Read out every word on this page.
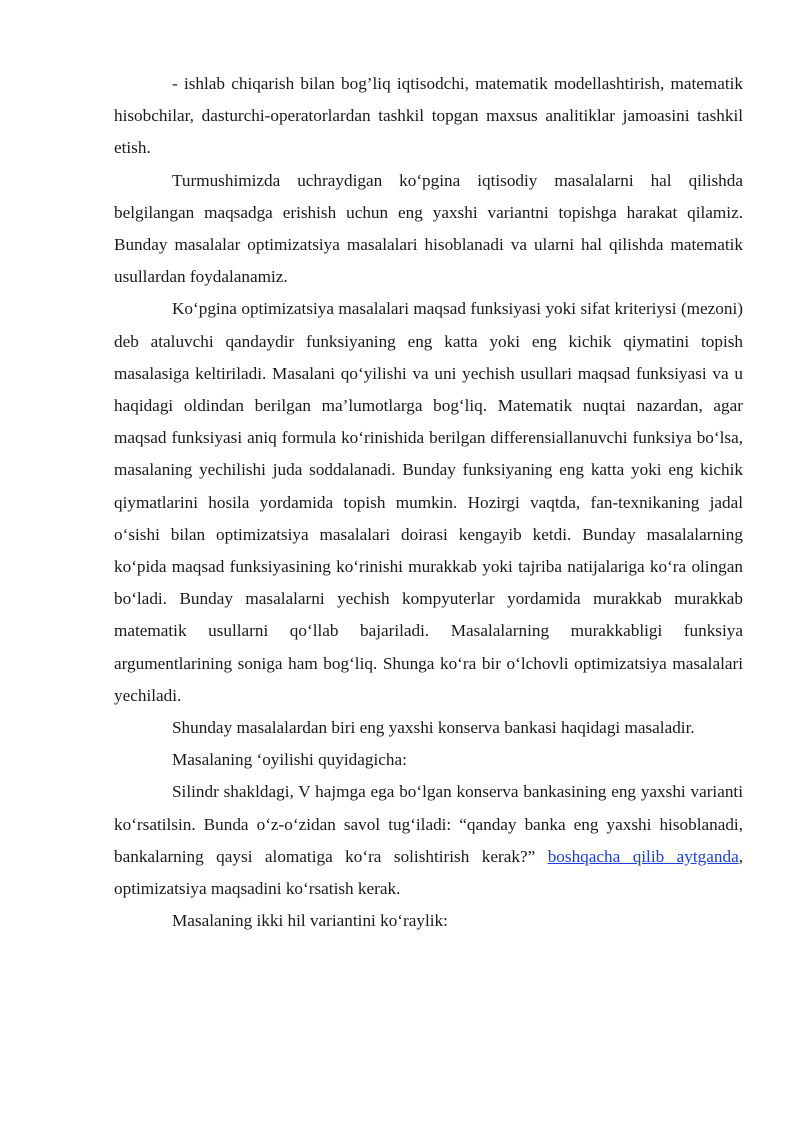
- ishlab chiqarish bilan bog’liq iqtisodchi, matematik modellashtirish, matematik hisobchilar, dasturchi-operatorlardan tashkil topgan maxsus analitiklar jamoasini tashkil etish.

Turmushimizda uchraydigan koʻpgina iqtisodiy masalalarni hal qilishda belgilangan maqsadga erishish uchun eng yaxshi variantni topishga harakat qilamiz. Bunday masalalar optimizatsiya masalalari hisoblanadi va ularni hal qilishda matematik usullardan foydalanamiz.

Koʻpgina optimizatsiya masalalari maqsad funksiyasi yoki sifat kriteriysi (mezoni) deb ataluvchi qandaydir funksiyaning eng katta yoki eng kichik qiymatini topish masalasiga keltiriladi. Masalani qoʻyilishi va uni yechish usullari maqsad funksiyasi va u haqidagi oldindan berilgan ma’lumotlarga bogʻliq. Matematik nuqtai nazardan, agar maqsad funksiyasi aniq formula koʻrinishida berilgan differensiallanuvchi funksiya boʻlsa, masalaning yechilishi juda soddalanadi. Bunday funksiyaning eng katta yoki eng kichik qiymatlarini hosila yordamida topish mumkin. Hozirgi vaqtda, fan-texnikaning jadal oʻsishi bilan optimizatsiya masalalari doirasi kengayib ketdi. Bunday masalalarning koʻpida maqsad funksiyasining koʻrinishi murakkab yoki tajriba natijalariga koʻra olingan boʻladi. Bunday masalalarni yechish kompyuterlar yordamida murakkab murakkab matematik usullarni qoʻllab bajariladi. Masalalarning murakkabligi funksiya argumentlarining soniga ham bogʻliq. Shunga koʻra bir oʻlchovli optimizatsiya masalalari yechiladi.

Shunday masalalardan biri eng yaxshi konserva bankasi haqidagi masaladir.

Masalaning ‘oyilishi quyidagicha:

Silindr shakldagi, V hajmga ega boʻlgan konserva bankasining eng yaxshi varianti koʻrsatilsin. Bunda oʻz-oʻzidan savol tugʻiladi: “qanday banka eng yaxshi hisoblanadi, bankalarning qaysi alomatiga koʻra solishtirish kerak?” boshqacha qilib aytganda, optimizatsiya maqsadini koʻrsatish kerak.

Masalaning ikki hil variantini koʻraylik:
